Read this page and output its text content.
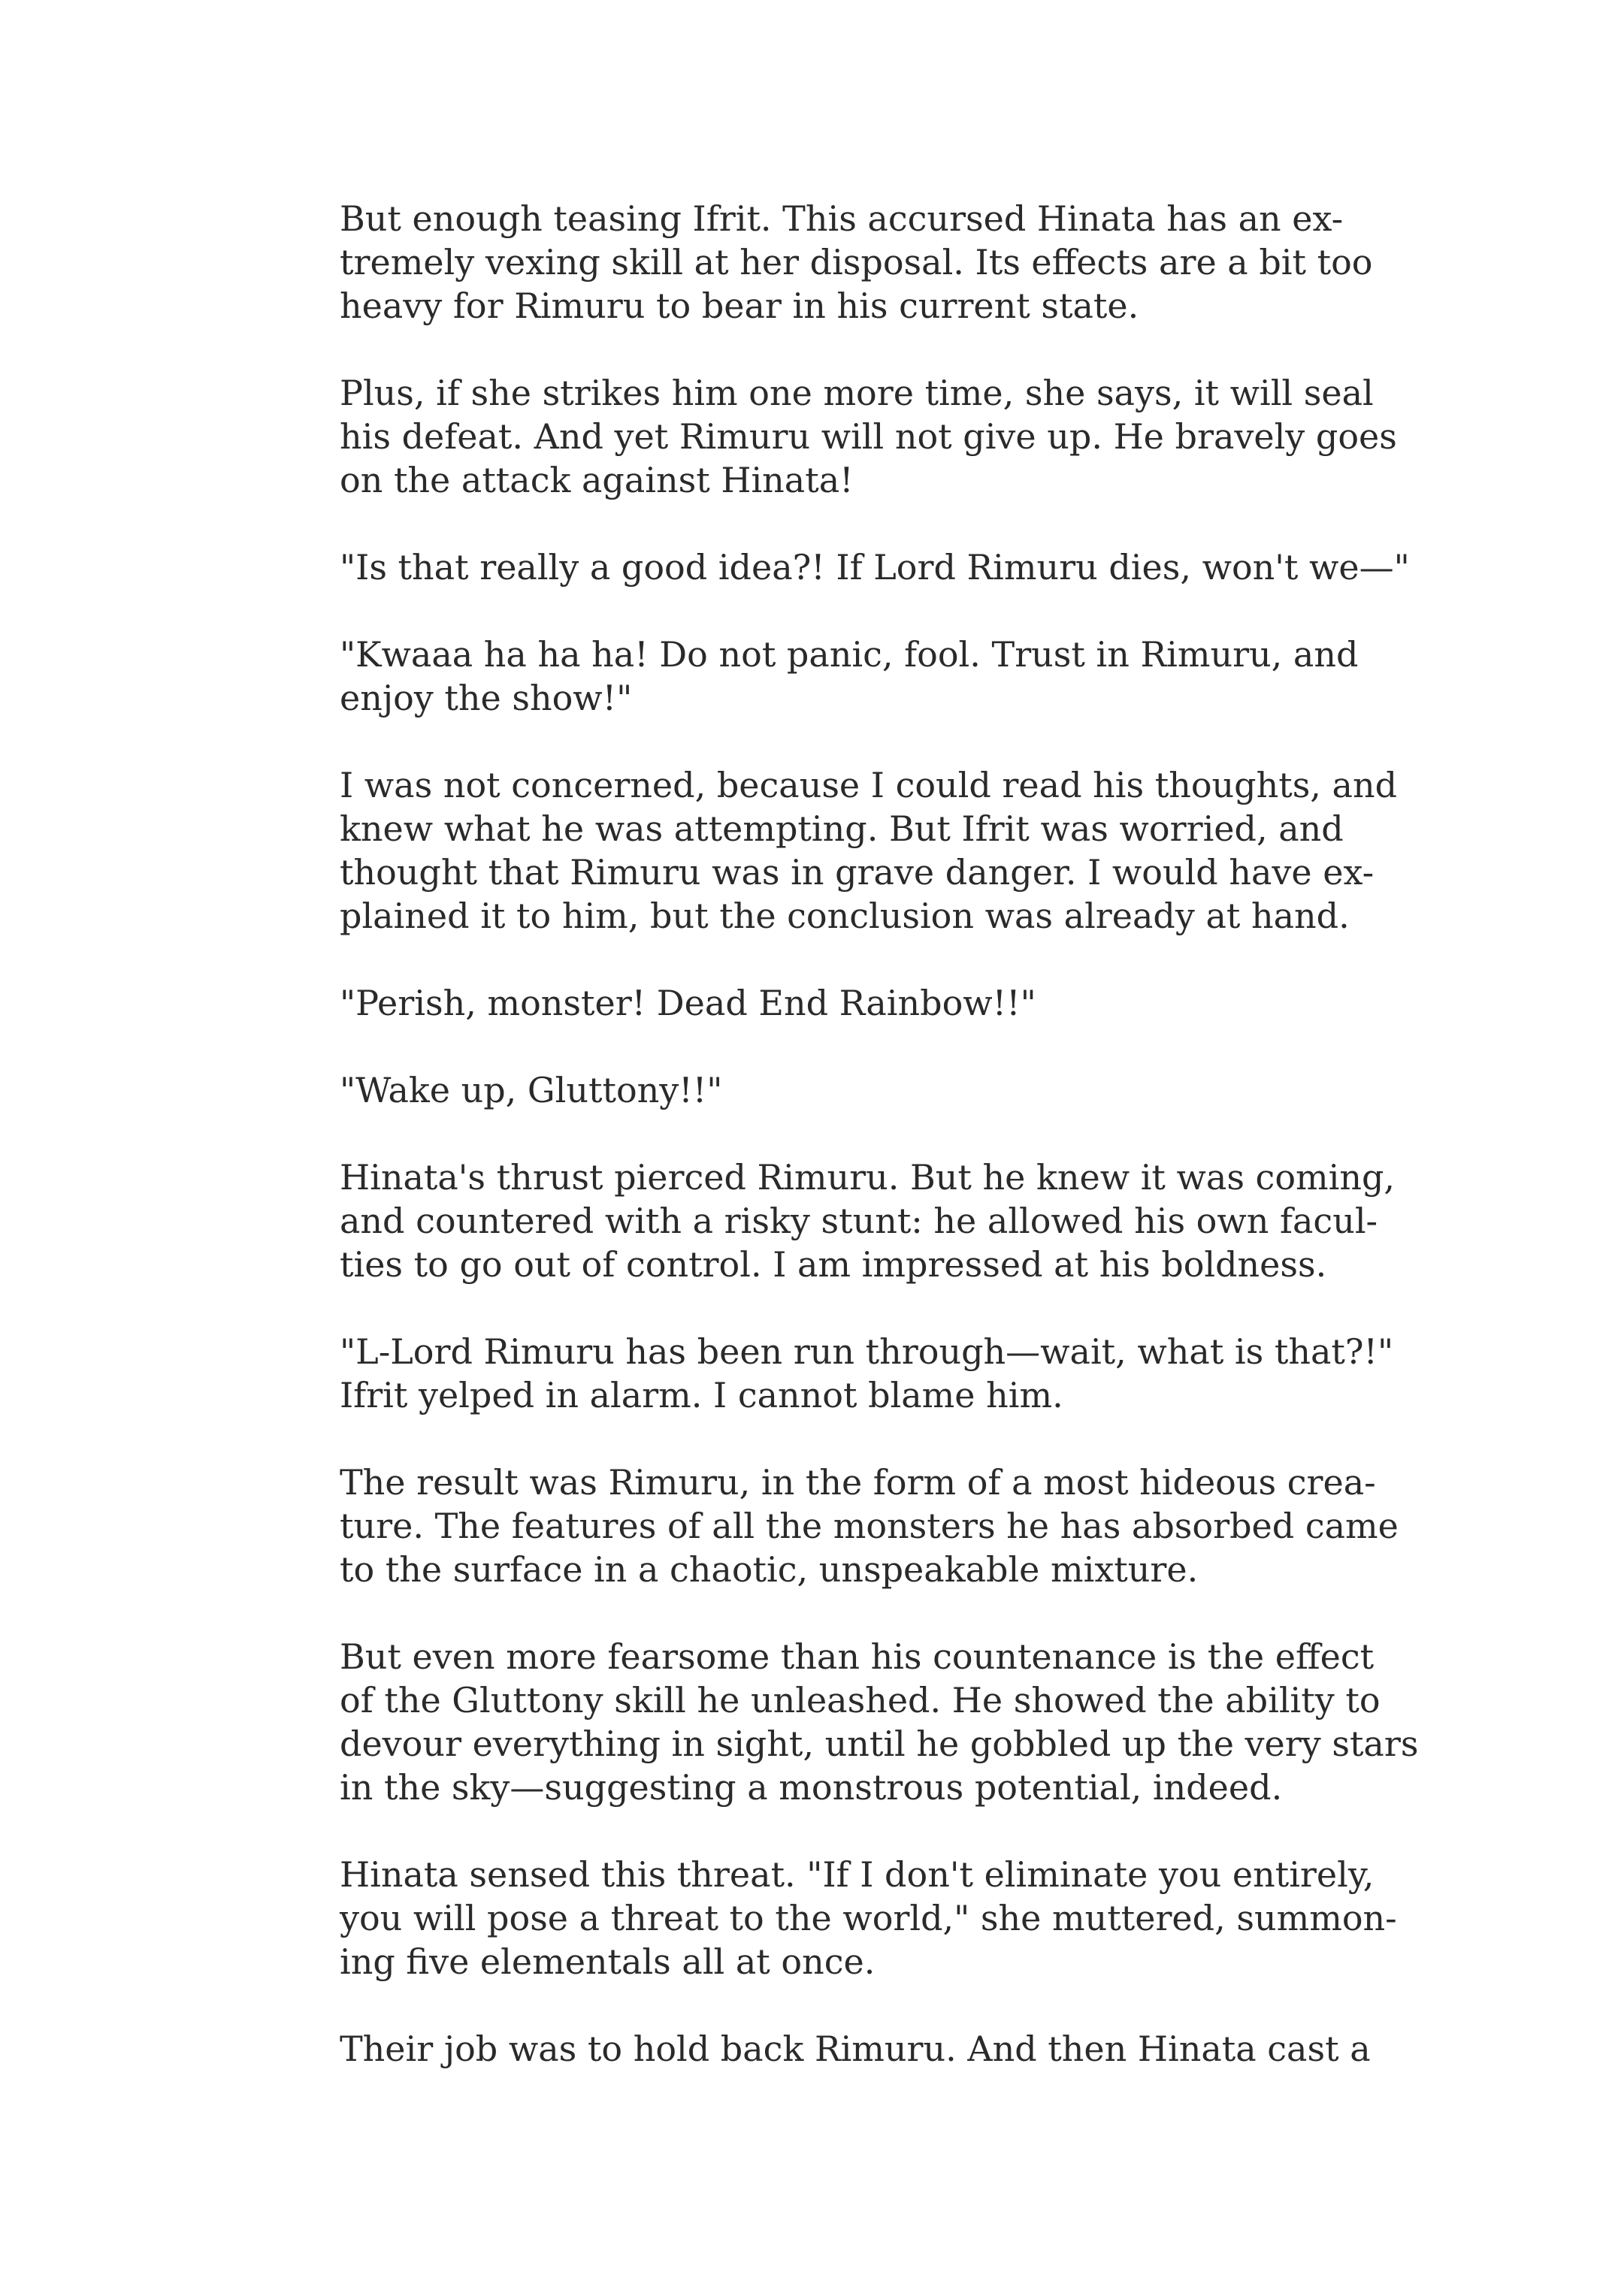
But enough teasing Ifrit. This accursed Hinata has an ex-
tremely vexing skill at her disposal. Its effects are a bit too
heavy for Rimuru to bear in his current state.

Plus, if she strikes him one more time, she says, it will seal
his defeat. And yet Rimuru will not give up. He bravely goes
on the attack against Hinata!

"Is that really a good idea?! If Lord Rimuru dies, won't we—"

"Kwaaa ha ha ha! Do not panic, fool. Trust in Rimuru, and
enjoy the show!"

I was not concerned, because I could read his thoughts, and
knew what he was attempting. But Ifrit was worried, and
thought that Rimuru was in grave danger. I would have ex-
plained it to him, but the conclusion was already at hand.

"Perish, monster! Dead End Rainbow!!"

"Wake up, Gluttony!!"

Hinata's thrust pierced Rimuru. But he knew it was coming,
and countered with a risky stunt: he allowed his own facul-
ties to go out of control. I am impressed at his boldness.

"L-Lord Rimuru has been run through—wait, what is that?!"
Ifrit yelped in alarm. I cannot blame him.

The result was Rimuru, in the form of a most hideous crea-
ture. The features of all the monsters he has absorbed came
to the surface in a chaotic, unspeakable mixture.

But even more fearsome than his countenance is the effect
of the Gluttony skill he unleashed. He showed the ability to
devour everything in sight, until he gobbled up the very stars
in the sky—suggesting a monstrous potential, indeed.

Hinata sensed this threat. "If I don't eliminate you entirely,
you will pose a threat to the world," she muttered, summon-
ing five elementals all at once.

Their job was to hold back Rimuru. And then Hinata cast a
